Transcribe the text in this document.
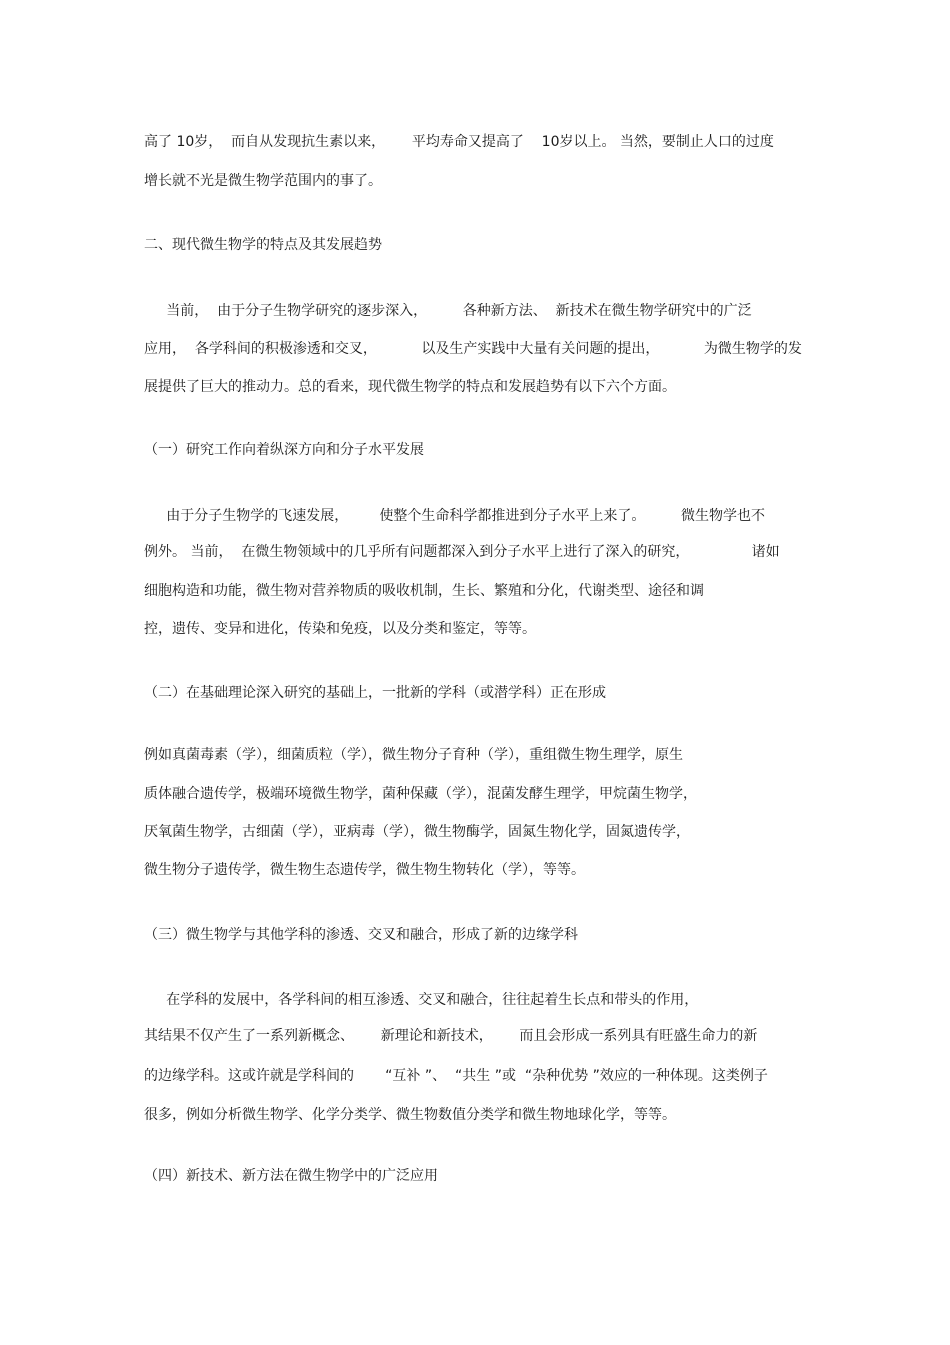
高了 10岁，  而自从发现抗生素以来，      平均寿命又提高了    10岁以上。 当然，要制止人口的过度

增长就不光是微生物学范围内的事了。

二、现代微生物学的特点及其发展趋势

当前，  由于分子生物学研究的逐步深入，        各种新方法、  新技术在微生物学研究中的广泛

应用，  各学科间的积极渗透和交叉，          以及生产实践中大量有关问题的提出，          为微生物学的发

展提供了巨大的推动力。总的看来，现代微生物学的特点和发展趋势有以下六个方面。

（一）研究工作向着纵深方向和分子水平发展

由于分子生物学的飞速发展，       使整个生命科学都推进到分子水平上来了。        微生物学也不

例外。 当前，  在微生物领域中的几乎所有问题都深入到分子水平上进行了深入的研究，              诸如

细胞构造和功能，微生物对营养物质的吸收机制，生长、繁殖和分化，代谢类型、途径和调

控，遗传、变异和进化，传染和免疫，以及分类和鉴定，等等。

（二）在基础理论深入研究的基础上，一批新的学科（或潜学科）正在形成

例如真菌毒素（学），细菌质粒（学），微生物分子育种（学），重组微生物生理学，原生

质体融合遗传学，极端环境微生物学，菌种保藏（学），混菌发酵生理学，甲烷菌生物学，

厌氧菌生物学，古细菌（学），亚病毒（学），微生物酶学，固氮生物化学，固氮遗传学，

微生物分子遗传学，微生物生态遗传学，微生物生物转化（学），等等。

（三）微生物学与其他学科的渗透、交叉和融合，形成了新的边缘学科

在学科的发展中，各学科间的相互渗透、交叉和融合，往往起着生长点和带头的作用，

其结果不仅产生了一系列新概念、      新理论和新技术，      而且会形成一系列具有旺盛生命力的新

的边缘学科。这或许就是学科间的       “互补 ”、  “共生 ”或  “杂种优势 ”效应的一种体现。这类例子

很多，例如分析微生物学、化学分类学、微生物数值分类学和微生物地球化学，等等。

（四）新技术、新方法在微生物学中的广泛应用
